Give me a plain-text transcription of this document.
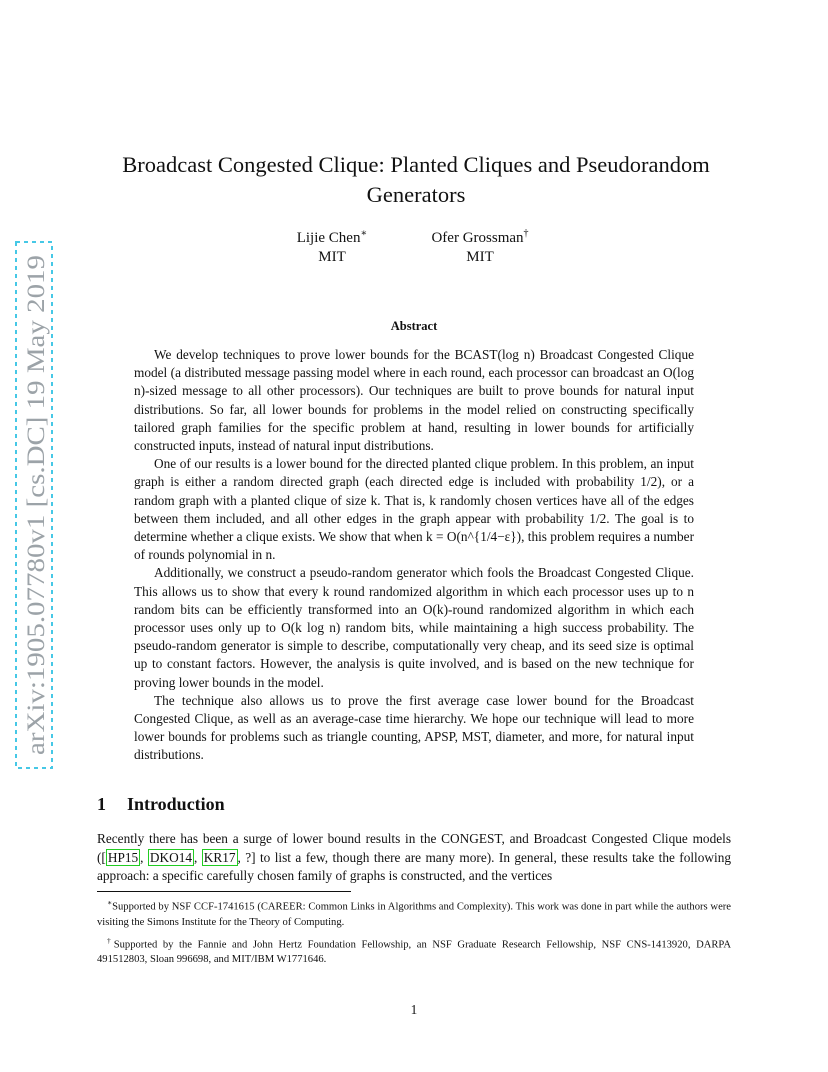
arXiv:1905.07780v1 [cs.DC] 19 May 2019
Broadcast Congested Clique: Planted Cliques and Pseudorandom Generators
Lijie Chen∗
MIT
Ofer Grossman†
MIT
Abstract

We develop techniques to prove lower bounds for the BCAST(log n) Broadcast Congested Clique model (a distributed message passing model where in each round, each processor can broadcast an O(log n)-sized message to all other processors). Our techniques are built to prove bounds for natural input distributions. So far, all lower bounds for problems in the model relied on constructing specifically tailored graph families for the specific problem at hand, resulting in lower bounds for artificially constructed inputs, instead of natural input distributions.

One of our results is a lower bound for the directed planted clique problem. In this problem, an input graph is either a random directed graph (each directed edge is included with probability 1/2), or a random graph with a planted clique of size k. That is, k randomly chosen vertices have all of the edges between them included, and all other edges in the graph appear with probability 1/2. The goal is to determine whether a clique exists. We show that when k = O(n^{1/4−ε}), this problem requires a number of rounds polynomial in n.

Additionally, we construct a pseudo-random generator which fools the Broadcast Congested Clique. This allows us to show that every k round randomized algorithm in which each processor uses up to n random bits can be efficiently transformed into an O(k)-round randomized algorithm in which each processor uses only up to O(k log n) random bits, while maintaining a high success probability. The pseudo-random generator is simple to describe, computationally very cheap, and its seed size is optimal up to constant factors. However, the analysis is quite involved, and is based on the new technique for proving lower bounds in the model.

The technique also allows us to prove the first average case lower bound for the Broadcast Congested Clique, as well as an average-case time hierarchy. We hope our technique will lead to more lower bounds for problems such as triangle counting, APSP, MST, diameter, and more, for natural input distributions.

1 Introduction

Recently there has been a surge of lower bound results in the CONGEST, and Broadcast Congested Clique models ([ HP15 , DKO14 , KR17 , ?] to list a few, though there are many more). In general, these results take the following approach: a specific carefully chosen family of graphs is constructed, and the vertices

∗Supported by NSF CCF-1741615 (CAREER: Common Links in Algorithms and Complexity). This work was done in part while the authors were visiting the Simons Institute for the Theory of Computing.

†Supported by the Fannie and John Hertz Foundation Fellowship, an NSF Graduate Research Fellowship, NSF CNS-1413920, DARPA 491512803, Sloan 996698, and MIT/IBM W1771646.

1
